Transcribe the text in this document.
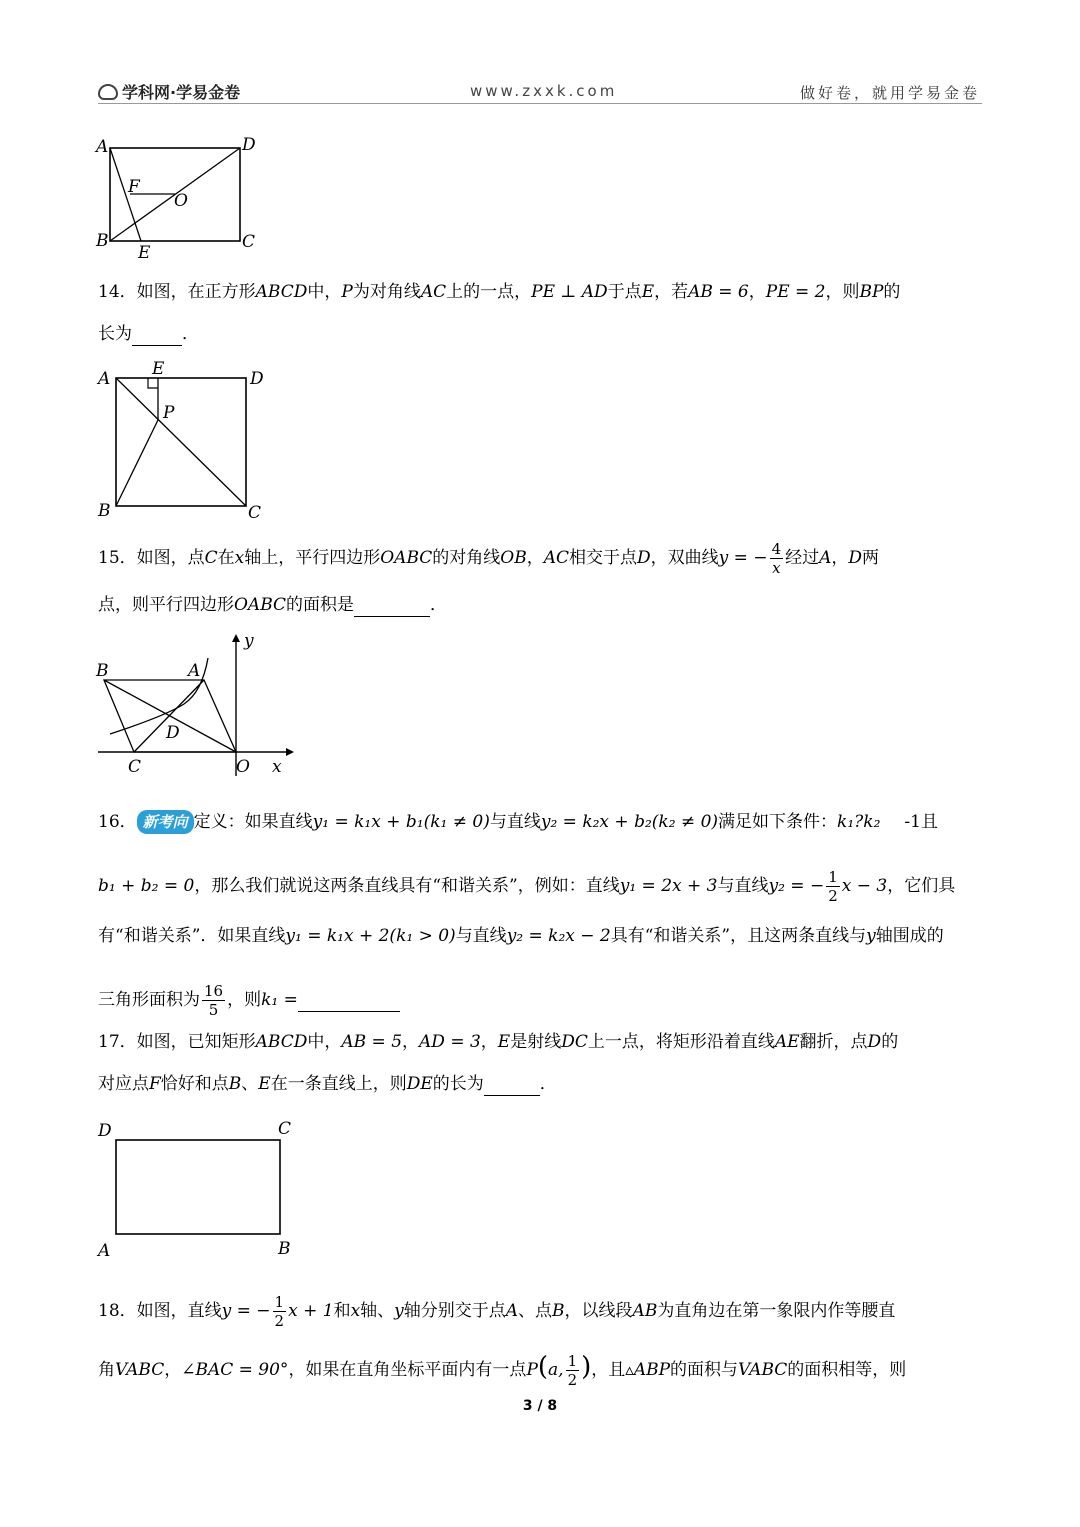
学科网·学易金卷	www.zxxk.com	做好卷，就用学易金卷
A	D
F
O
B
E
C
14．如图，在正方形ABCD中，P为对角线AC上的一点，PE ⊥ AD于点E，若AB = 6，PE = 2，则BP的
长为	．
A E	D
P
B	C
15．如图，点C在x轴上，平行四边形OABC的对角线OB，AC相交于点D，双曲线y = − $\frac{4}{x}$ 经过A，D两
点，则平行四边形OABC的面积是	．
y
B	A
D
C	O x
16． 新考向 定义：如果直线y₁ = k₁x + b₁(k₁ ≠ 0)与直线y₂ = k₂x + b₂(k₂ ≠ 0)满足如下条件：k₁?k₂ -1且
b₁ + b₂ = 0，那么我们就说这两条直线具有“和谐关系”，例如：直线y₁ = 2x + 3与直线y₂ = − $\frac{1}{2}$ x − 3，它们具
有“和谐关系”．如果直线y₁ = k₁x + 2(k₁ > 0)与直线y₂ = k₂x − 2具有“和谐关系”，且这两条直线与y轴围成的
三角形面积为 $\frac{16}{5}$ ，则k₁ =
17．如图，已知矩形ABCD中，AB = 5，AD = 3，E是射线DC上一点，将矩形沿着直线AE翻折，点D的
对应点F恰好和点B、E在一条直线上，则DE的长为	．
D	C
A	B
18．如图，直线y = − $\frac{1}{2}$ x + 1和x轴、y轴分别交于点A、点B，以线段AB为直角边在第一象限内作等腰直
角VABC，∠BAC = 90°，如果在直角坐标平面内有一点P(a, $\frac{1}{2}$ )，且▵ABP的面积与VABC的面积相等，则
3 / 8
